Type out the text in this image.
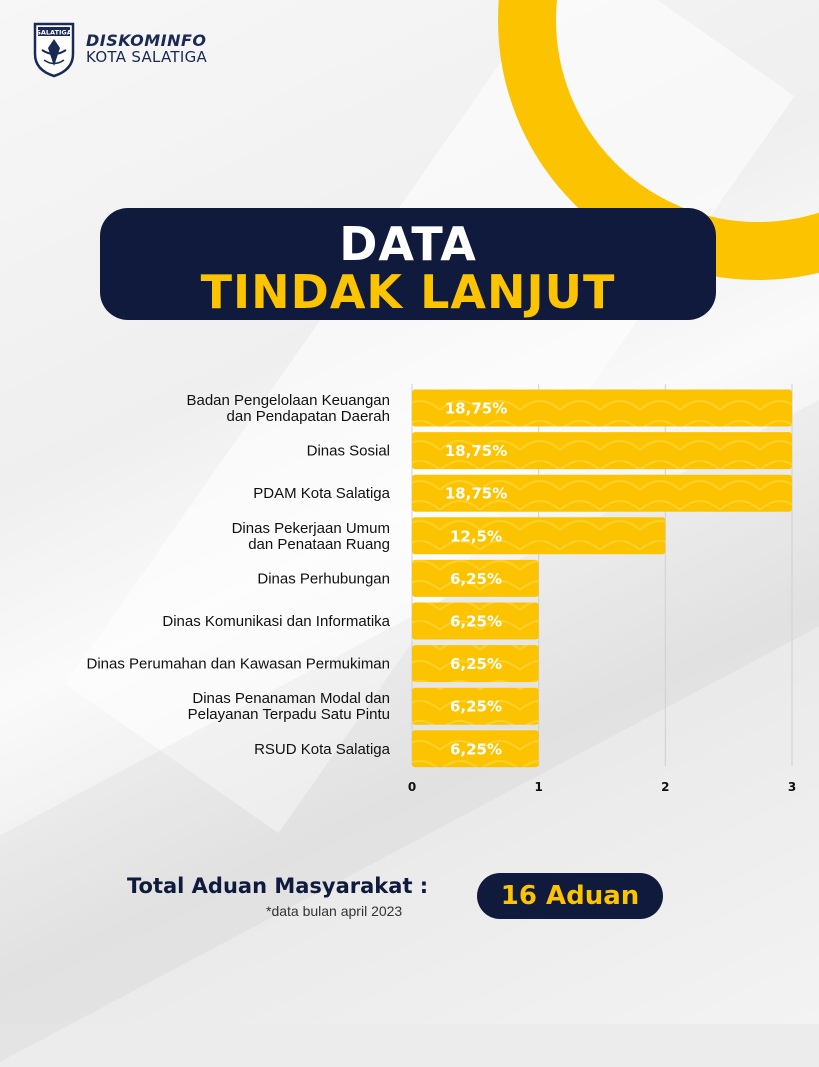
SALATIGA DISKOMINFO
KOTA SALATIGA
DATA
TINDAK LANJUT
0	1	2	3
18,75%
Badan Pengelolaan Keuangan dan Pendapatan Daerah
18,75%
Dinas Sosial
18,75%
PDAM Kota Salatiga
12,5%
Dinas Pekerjaan Umum dan Penataan Ruang
6,25%
Dinas Perhubungan
6,25%
Dinas Komunikasi dan Informatika
6,25%
Dinas Perumahan dan Kawasan Permukiman
6,25%
Dinas Penanaman Modal dan Pelayanan Terpadu Satu Pintu
6,25%
RSUD Kota Salatiga
Total Aduan Masyarakat :
*data bulan april 2023	16 Aduan
